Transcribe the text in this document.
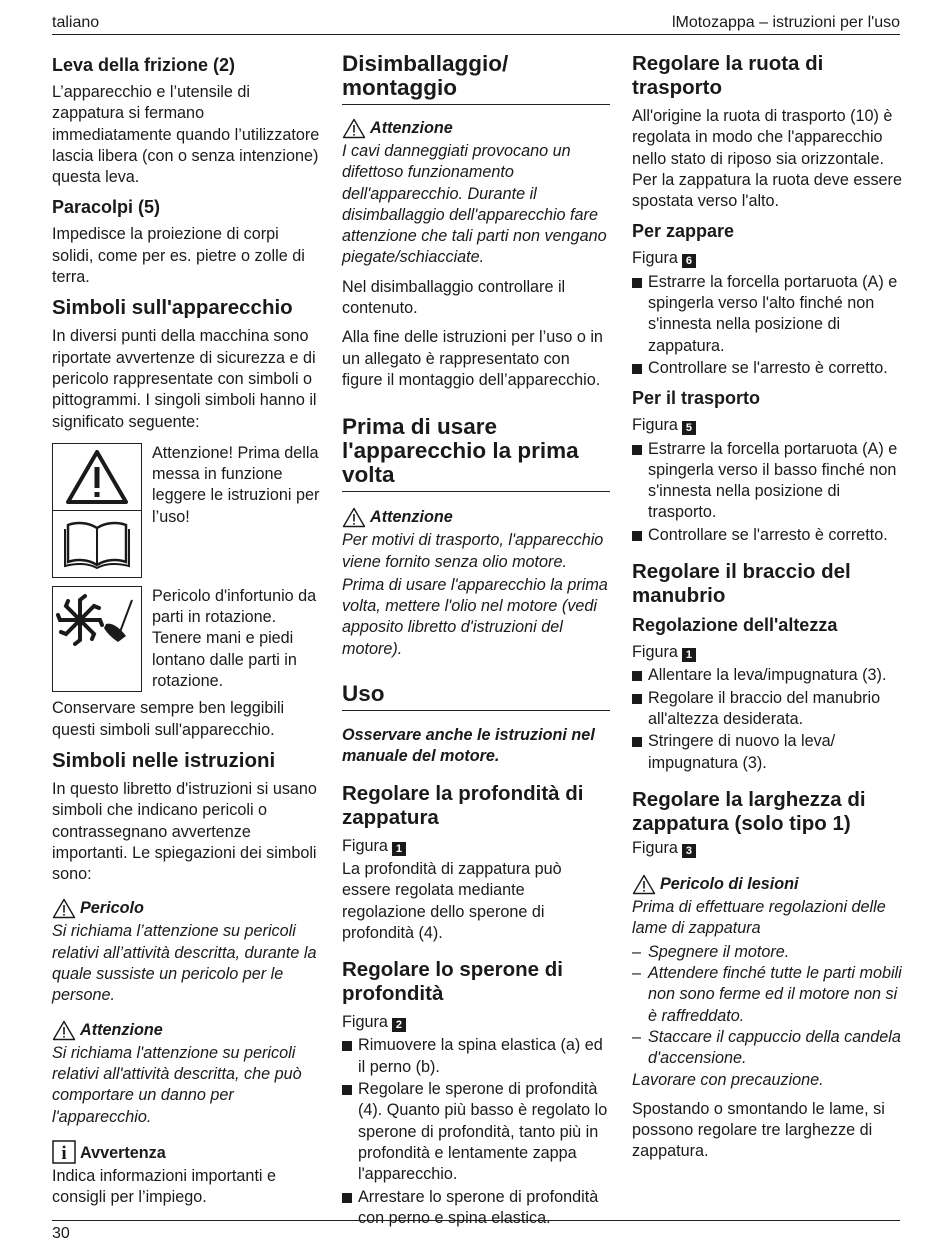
taliano	lMotozappa – istruzioni per l'uso
Leva della frizione (2)

L’apparecchio e l’utensile di zappatura si fermano immediatamente quando l’utilizzatore lascia libera (con o senza intenzione) questa leva.

Paracolpi (5)

Impedisce la proiezione di corpi solidi, come per es. pietre o zolle di terra.

Simboli sull'apparecchio

In diversi punti della macchina sono riportate avvertenze di sicurezza e di pericolo rappresentate con simboli o pittogrammi. I singoli simboli hanno il significato seguente:

Attenzione! Prima della messa in funzione leggere le istruzioni per l’uso!
Pericolo d'infortunio da parti in rotazione. Tenere mani e piedi lontano dalle parti in rotazione.

Conservare sempre ben leggibili questi simboli sull'apparecchio.

Simboli nelle istruzioni

In questo libretto d'istruzioni si usano simboli che indicano pericoli o contrassegnano avvertenze importanti. Le spiegazioni dei simboli sono:

Pericolo

Si richiama l’attenzione su pericoli relativi all’attività descritta, durante la quale sussiste un pericolo per le persone.

Attenzione

Si richiama l'attenzione su pericoli relativi all'attività descritta, che può comportare un danno per l'apparecchio.

i Avvertenza

Indica informazioni importanti e consigli per l’impiego.

Disimballaggio/ montaggio
Attenzione

I cavi danneggiati provocano un difettoso funzionamento dell'apparecchio. Durante il disimballaggio dell'apparecchio fare attenzione che tali parti non vengano piegate/schiacciate.

Nel disimballaggio controllare il contenuto.

Alla fine delle istruzioni per l’uso o in un allegato è rappresentato con figure il montaggio dell’apparecchio.

Prima di usare l'apparecchio la prima volta
Attenzione

Per motivi di trasporto, l'apparecchio viene fornito senza olio motore.

Prima di usare l'apparecchio la prima volta, mettere l'olio nel motore (vedi apposito libretto d'istruzioni del motore).

Uso

Osservare anche le istruzioni nel manuale del motore.

Regolare la profondità di zappatura
Figura 1

La profondità di zappatura può essere regolata mediante regolazione dello sperone di profondità (4).

Regolare lo sperone di profondità
Figura 2
Rimuovere la spina elastica (a) ed il perno (b).
Regolare le sperone di profondità (4). Quanto più basso è regolato lo sperone di profondità, tanto più in profondità e lentamente zappa l'apparecchio.
Arrestare lo sperone di profondità con perno e spina elastica.
Regolare la ruota di trasporto

All'origine la ruota di trasporto (10) è regolata in modo che l'apparecchio nello stato di riposo sia orizzontale. Per la zappatura la ruota deve essere spostata verso l'alto.

Per zappare
Figura 6
Estrarre la forcella portaruota (A) e spingerla verso l'alto finché non s'innesta nella posizione di zappatura.
Controllare se l'arresto è corretto.
Per il trasporto
Figura 5
Estrarre la forcella portaruota (A) e spingerla verso il basso finché non s'innesta nella posizione di trasporto.
Controllare se l'arresto è corretto.
Regolare il braccio del manubrio
Regolazione dell'altezza
Figura 1
Allentare la leva/impugnatura (3).
Regolare il braccio del manubrio all'altezza desiderata.
Stringere di nuovo la leva/ impugnatura (3).
Regolare la larghezza di zappatura (solo tipo 1)
Figura 3
Pericolo di lesioni

Prima di effettuare regolazioni delle lame di zappatura

– Spegnere il motore.
– Attendere finché tutte le parti mobili non sono ferme ed il motore non si è raffreddato.
– Staccare il cappuccio della candela d'accensione.

Lavorare con precauzione.

Spostando o smontando le lame, si possono regolare tre larghezze di zappatura.

30
